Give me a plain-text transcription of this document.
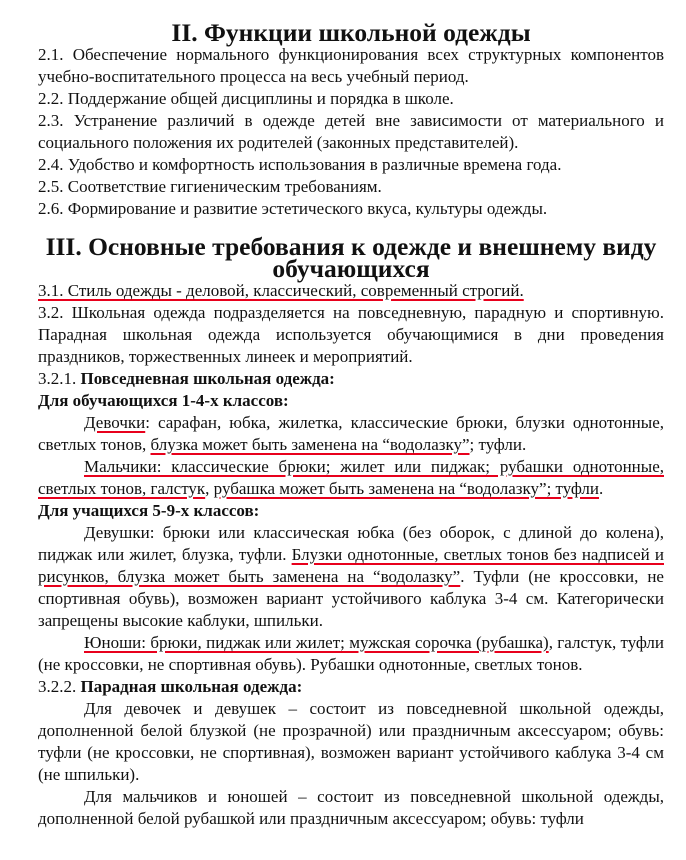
II. Функции школьной одежды

2.1. Обеспечение нормального функционирования всех структурных компонентов учебно-воспитательного процесса на весь учебный период.

2.2. Поддержание общей дисциплины и порядка в школе.

2.3. Устранение различий в одежде детей вне зависимости от материального и социального положения их родителей (законных представителей).

2.4. Удобство и комфортность использования в различные времена года.

2.5. Соответствие гигиеническим требованиям.

2.6. Формирование и развитие эстетического вкуса, культуры одежды.

III. Основные требования к одежде и внешнему виду обучающихся

3.1. Стиль одежды - деловой, классический, современный строгий.

3.2. Школьная одежда подразделяется на повседневную, парадную и спортивную. Парадная школьная одежда используется обучающимися в дни проведения праздников, торжественных линеек и мероприятий.

3.2.1. Повседневная школьная одежда:

Для обучающихся 1-4-х классов:

Девочки: сарафан, юбка, жилетка, классические брюки, блузки однотонные, светлых тонов, блузка может быть заменена на “водолазку”; туфли.

Мальчики: классические брюки; жилет или пиджак; рубашки однотонные, светлых тонов, галстук, рубашка может быть заменена на “водолазку”; туфли.

Для учащихся 5-9-х классов:

Девушки: брюки или классическая юбка (без оборок, с длиной до колена), пиджак или жилет, блузка, туфли. Блузки однотонные, светлых тонов без надписей и рисунков, блузка может быть заменена на “водолазку”. Туфли (не кроссовки, не спортивная обувь), возможен вариант устойчивого каблука 3-4 см. Категорически запрещены высокие каблуки, шпильки.

Юноши: брюки, пиджак или жилет; мужская сорочка (рубашка), галстук, туфли (не кроссовки, не спортивная обувь). Рубашки однотонные, светлых тонов.

3.2.2. Парадная школьная одежда:

Для девочек и девушек – состоит из повседневной школьной одежды, дополненной белой блузкой (не прозрачной) или праздничным аксессуаром; обувь: туфли (не кроссовки, не спортивная), возможен вариант устойчивого каблука 3-4 см (не шпильки).

Для мальчиков и юношей – состоит из повседневной школьной одежды, дополненной белой рубашкой или праздничным аксессуаром; обувь: туфли
